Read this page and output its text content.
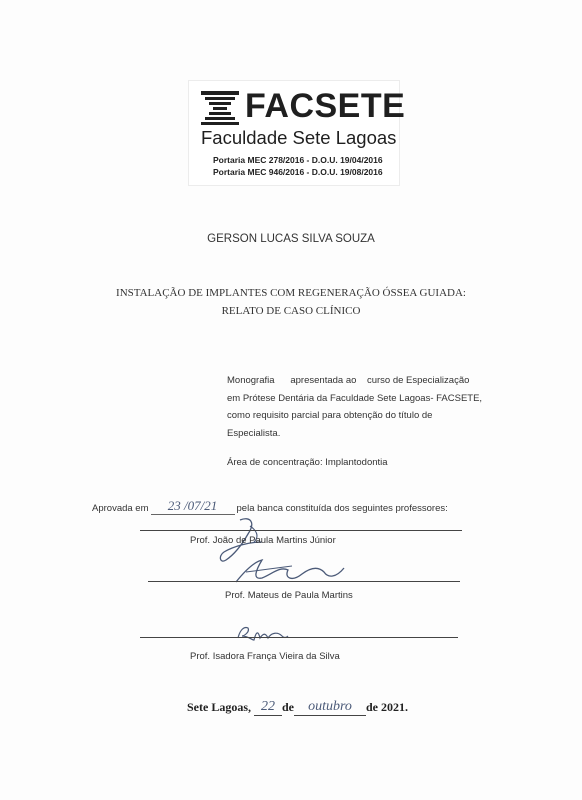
FACSETE
Faculdade Sete Lagoas
Portaria MEC 278/2016 - D.O.U. 19/04/2016
Portaria MEC 946/2016 - D.O.U. 19/08/2016
GERSON LUCAS SILVA SOUZA
INSTALAÇÃO DE IMPLANTES COM REGENERAÇÃO ÓSSEA GUIADA:
RELATO DE CASO CLÍNICO
Monografia      apresentada ao    curso de Especialização
em Prótese Dentária da Faculdade Sete Lagoas- FACSETE,
como requisito parcial para obtenção do título de
Especialista.
Área de concentração: Implantodontia
Aprovada em 23 /07/21 pela banca constituída dos seguintes professores:
Prof. João de Paula Martins Júnior
Prof. Mateus de Paula Martins
Prof. Isadora França Vieira da Silva
Sete Lagoas, 22 de outubro de 2021.
